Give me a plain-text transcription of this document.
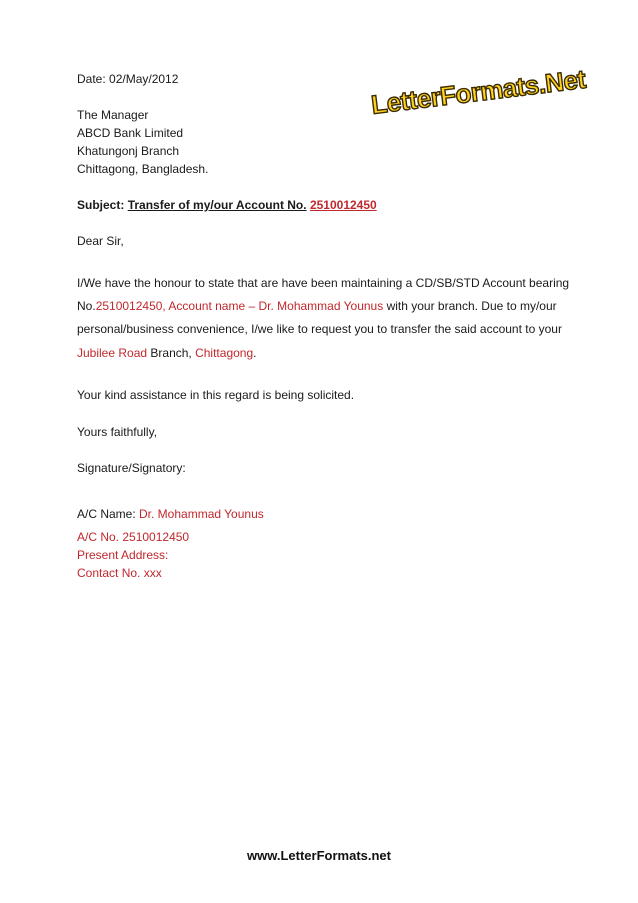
LetterFormats.Net
Date: 02/May/2012
The Manager
ABCD Bank Limited
Khatungonj Branch
Chittagong, Bangladesh.
Subject: Transfer of my/our Account No. 2510012450
Dear Sir,
I/We have the honour to state that are have been maintaining a CD/SB/STD Account bearing
No.2510012450, Account name – Dr. Mohammad Younus with your branch. Due to my/our
personal/business convenience, I/we like to request you to transfer the said account to your
Jubilee Road Branch, Chittagong.
Your kind assistance in this regard is being solicited.
Yours faithfully,
Signature/Signatory:
A/C Name: Dr. Mohammad Younus
A/C No. 2510012450
Present Address:
Contact No. xxx
www.LetterFormats.net
